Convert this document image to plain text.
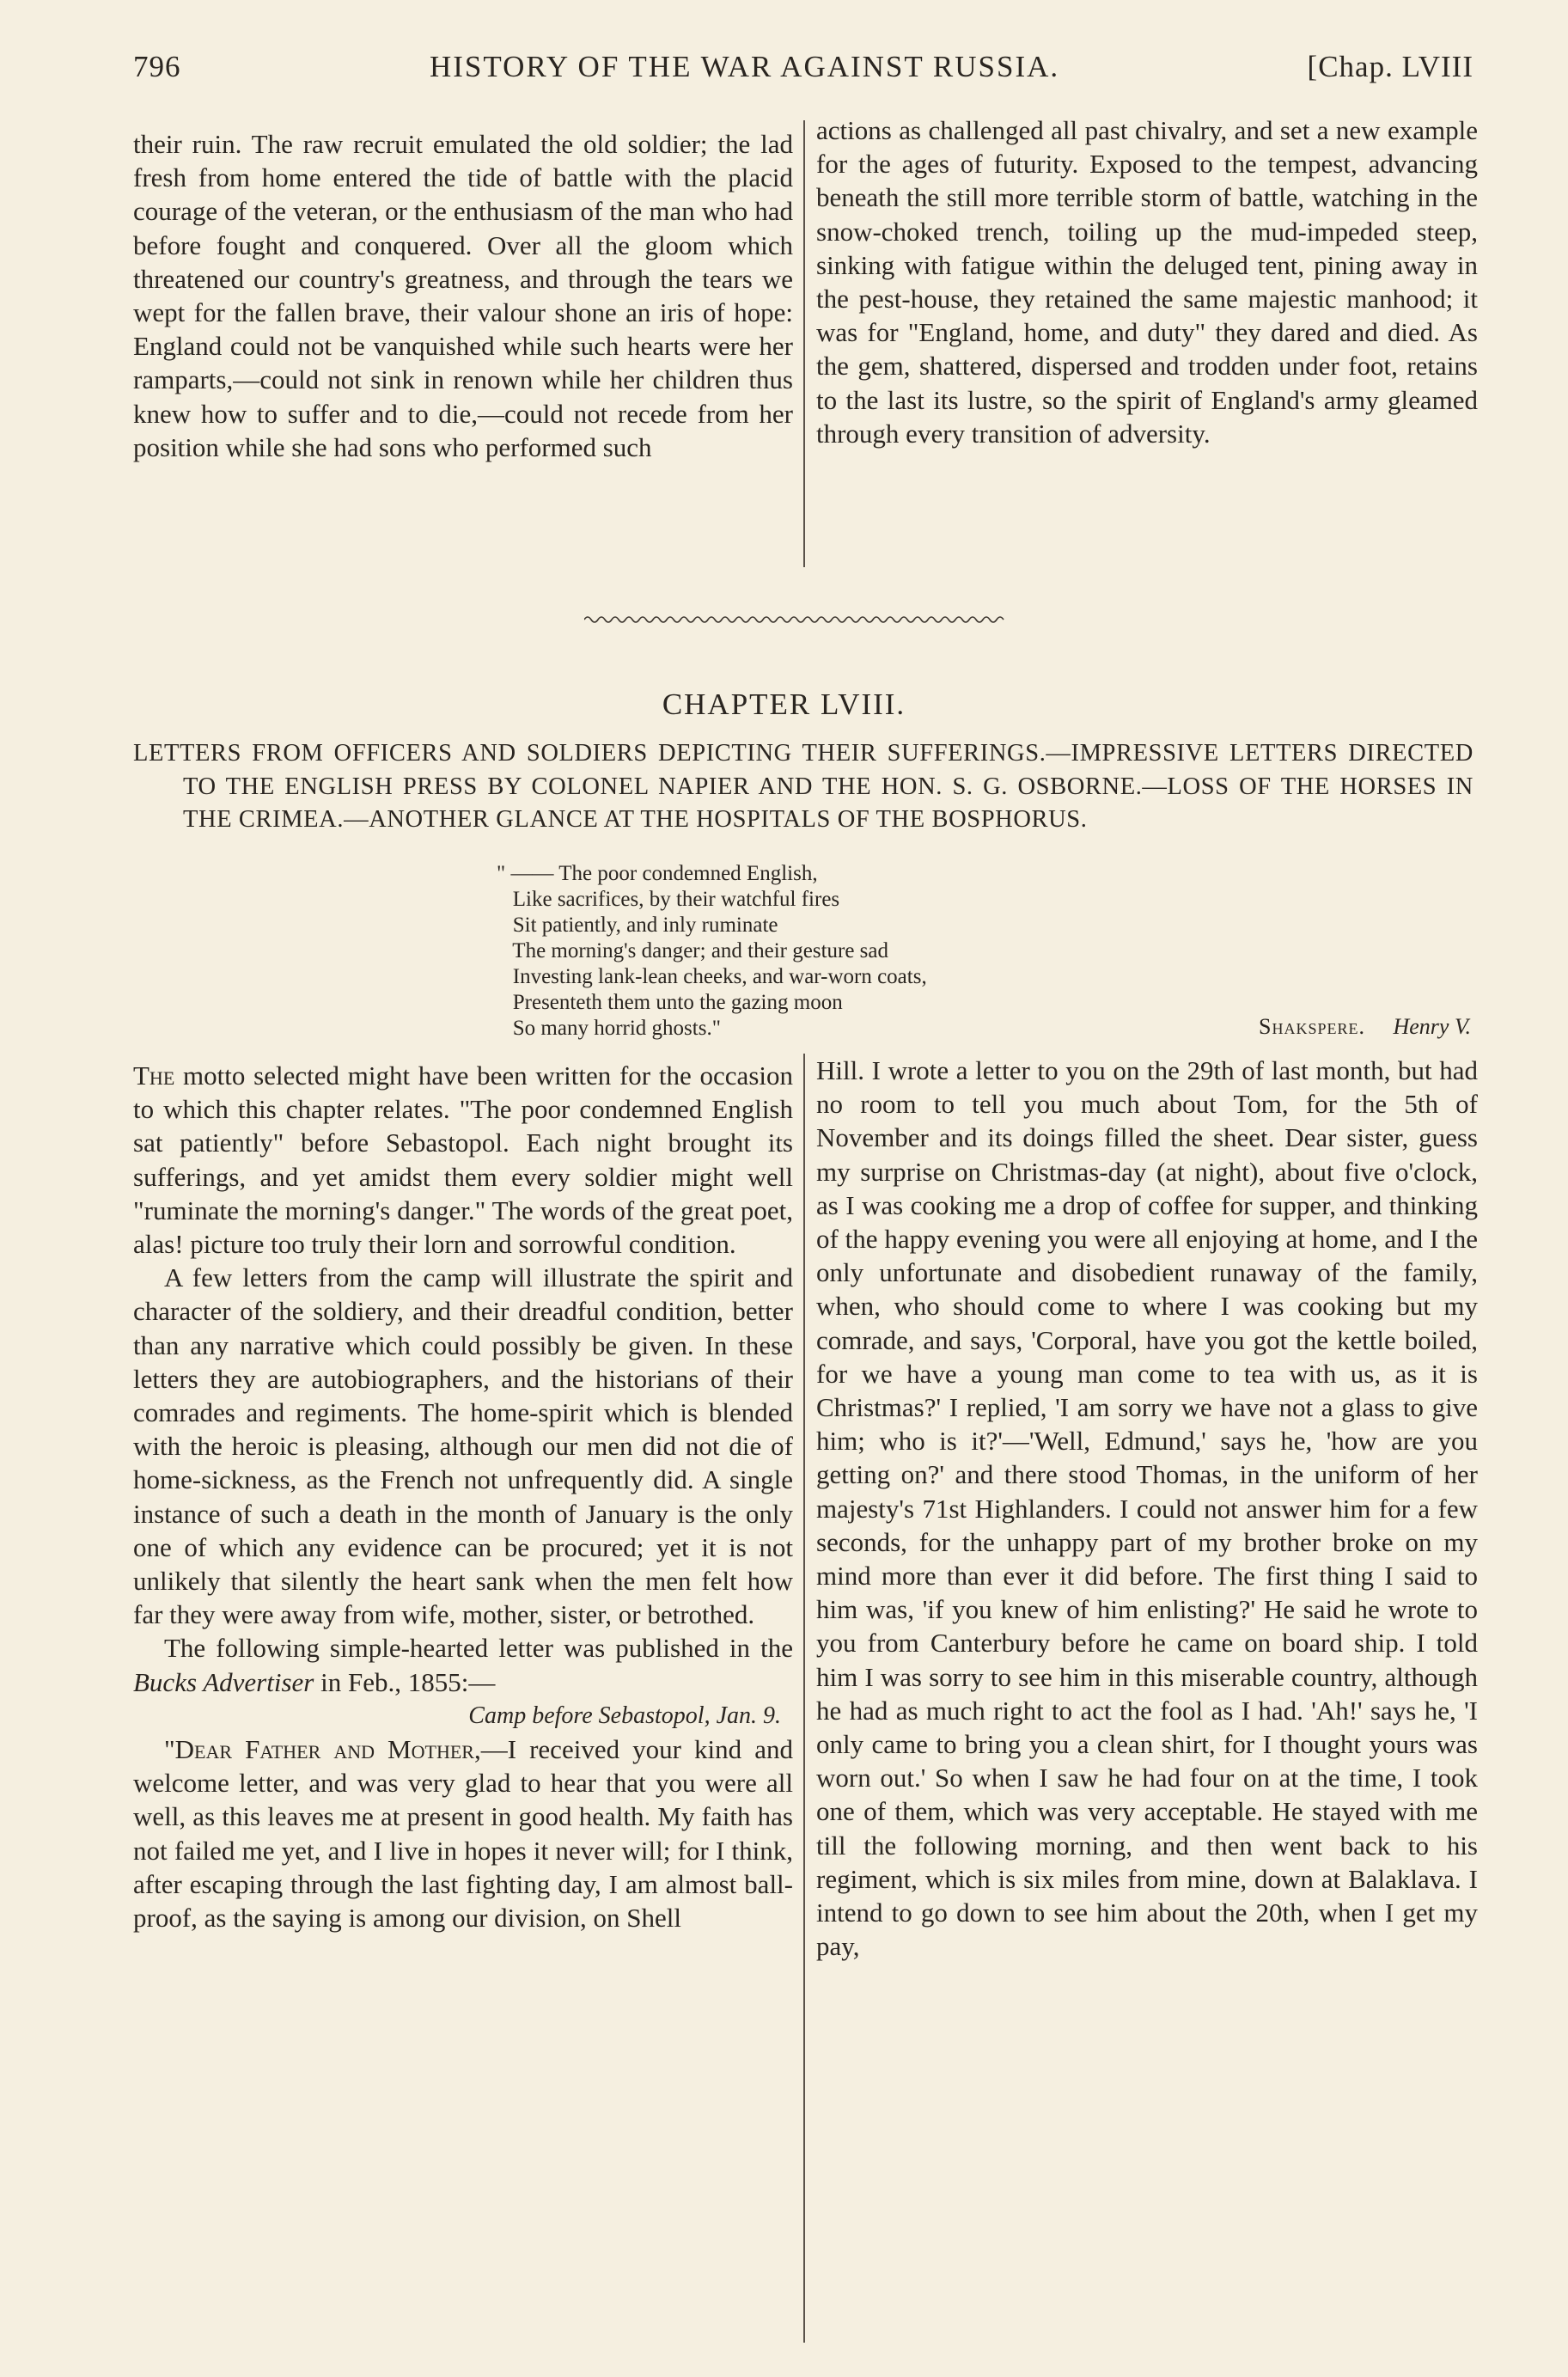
796	HISTORY OF THE WAR AGAINST RUSSIA.	[Chap. LVIII

their ruin. The raw recruit emulated the old soldier; the lad fresh from home entered the tide of battle with the placid courage of the veteran, or the enthusiasm of the man who had before fought and conquered. Over all the gloom which threatened our country's greatness, and through the tears we wept for the fallen brave, their valour shone an iris of hope: England could not be vanquished while such hearts were her ramparts,—could not sink in renown while her children thus knew how to suffer and to die,—could not recede from her position while she had sons who performed such

actions as challenged all past chivalry, and set a new example for the ages of futurity. Exposed to the tempest, advancing beneath the still more terrible storm of battle, watching in the snow-choked trench, toiling up the mud-impeded steep, sinking with fatigue within the deluged tent, pining away in the pest-house, they retained the same majestic manhood; it was for "England, home, and duty" they dared and died. As the gem, shattered, dispersed and trodden under foot, retains to the last its lustre, so the spirit of England's army gleamed through every transition of adversity.

CHAPTER LVIII.
LETTERS FROM OFFICERS AND SOLDIERS DEPICTING THEIR SUFFERINGS.—IMPRESSIVE LETTERS DIRECTED TO THE ENGLISH PRESS BY COLONEL NAPIER AND THE HON. S. G. OSBORNE.—LOSS OF THE HORSES IN THE CRIMEA.—ANOTHER GLANCE AT THE HOSPITALS OF THE BOSPHORUS.
" —— The poor condemned English,
Like sacrifices, by their watchful fires
Sit patiently, and inly ruminate
The morning's danger; and their gesture sad
Investing lank-lean cheeks, and war-worn coats,
Presenteth them unto the gazing moon
So many horrid ghosts."	Shakspere. Henry V.

The motto selected might have been written for the occasion to which this chapter relates. "The poor condemned English sat patiently" before Sebastopol. Each night brought its sufferings, and yet amidst them every soldier might well "ruminate the morning's danger." The words of the great poet, alas! picture too truly their lorn and sorrowful condition.

A few letters from the camp will illustrate the spirit and character of the soldiery, and their dreadful condition, better than any narrative which could possibly be given. In these letters they are autobiographers, and the historians of their comrades and regiments. The home-spirit which is blended with the heroic is pleasing, although our men did not die of home-sickness, as the French not unfrequently did. A single instance of such a death in the month of January is the only one of which any evidence can be procured; yet it is not unlikely that silently the heart sank when the men felt how far they were away from wife, mother, sister, or betrothed.

The following simple-hearted letter was published in the Bucks Advertiser in Feb., 1855:—

Camp before Sebastopol, Jan. 9.

"Dear Father and Mother,—I received your kind and welcome letter, and was very glad to hear that you were all well, as this leaves me at present in good health. My faith has not failed me yet, and I live in hopes it never will; for I think, after escaping through the last fighting day, I am almost ball-proof, as the saying is among our division, on Shell

Hill. I wrote a letter to you on the 29th of last month, but had no room to tell you much about Tom, for the 5th of November and its doings filled the sheet. Dear sister, guess my surprise on Christmas-day (at night), about five o'clock, as I was cooking me a drop of coffee for supper, and thinking of the happy evening you were all enjoying at home, and I the only unfortunate and disobedient runaway of the family, when, who should come to where I was cooking but my comrade, and says, 'Corporal, have you got the kettle boiled, for we have a young man come to tea with us, as it is Christmas?' I replied, 'I am sorry we have not a glass to give him; who is it?'—'Well, Edmund,' says he, 'how are you getting on?' and there stood Thomas, in the uniform of her majesty's 71st Highlanders. I could not answer him for a few seconds, for the unhappy part of my brother broke on my mind more than ever it did before. The first thing I said to him was, 'if you knew of him enlisting?' He said he wrote to you from Canterbury before he came on board ship. I told him I was sorry to see him in this miserable country, although he had as much right to act the fool as I had. 'Ah!' says he, 'I only came to bring you a clean shirt, for I thought yours was worn out.' So when I saw he had four on at the time, I took one of them, which was very acceptable. He stayed with me till the following morning, and then went back to his regiment, which is six miles from mine, down at Balaklava. I intend to go down to see him about the 20th, when I get my pay,
